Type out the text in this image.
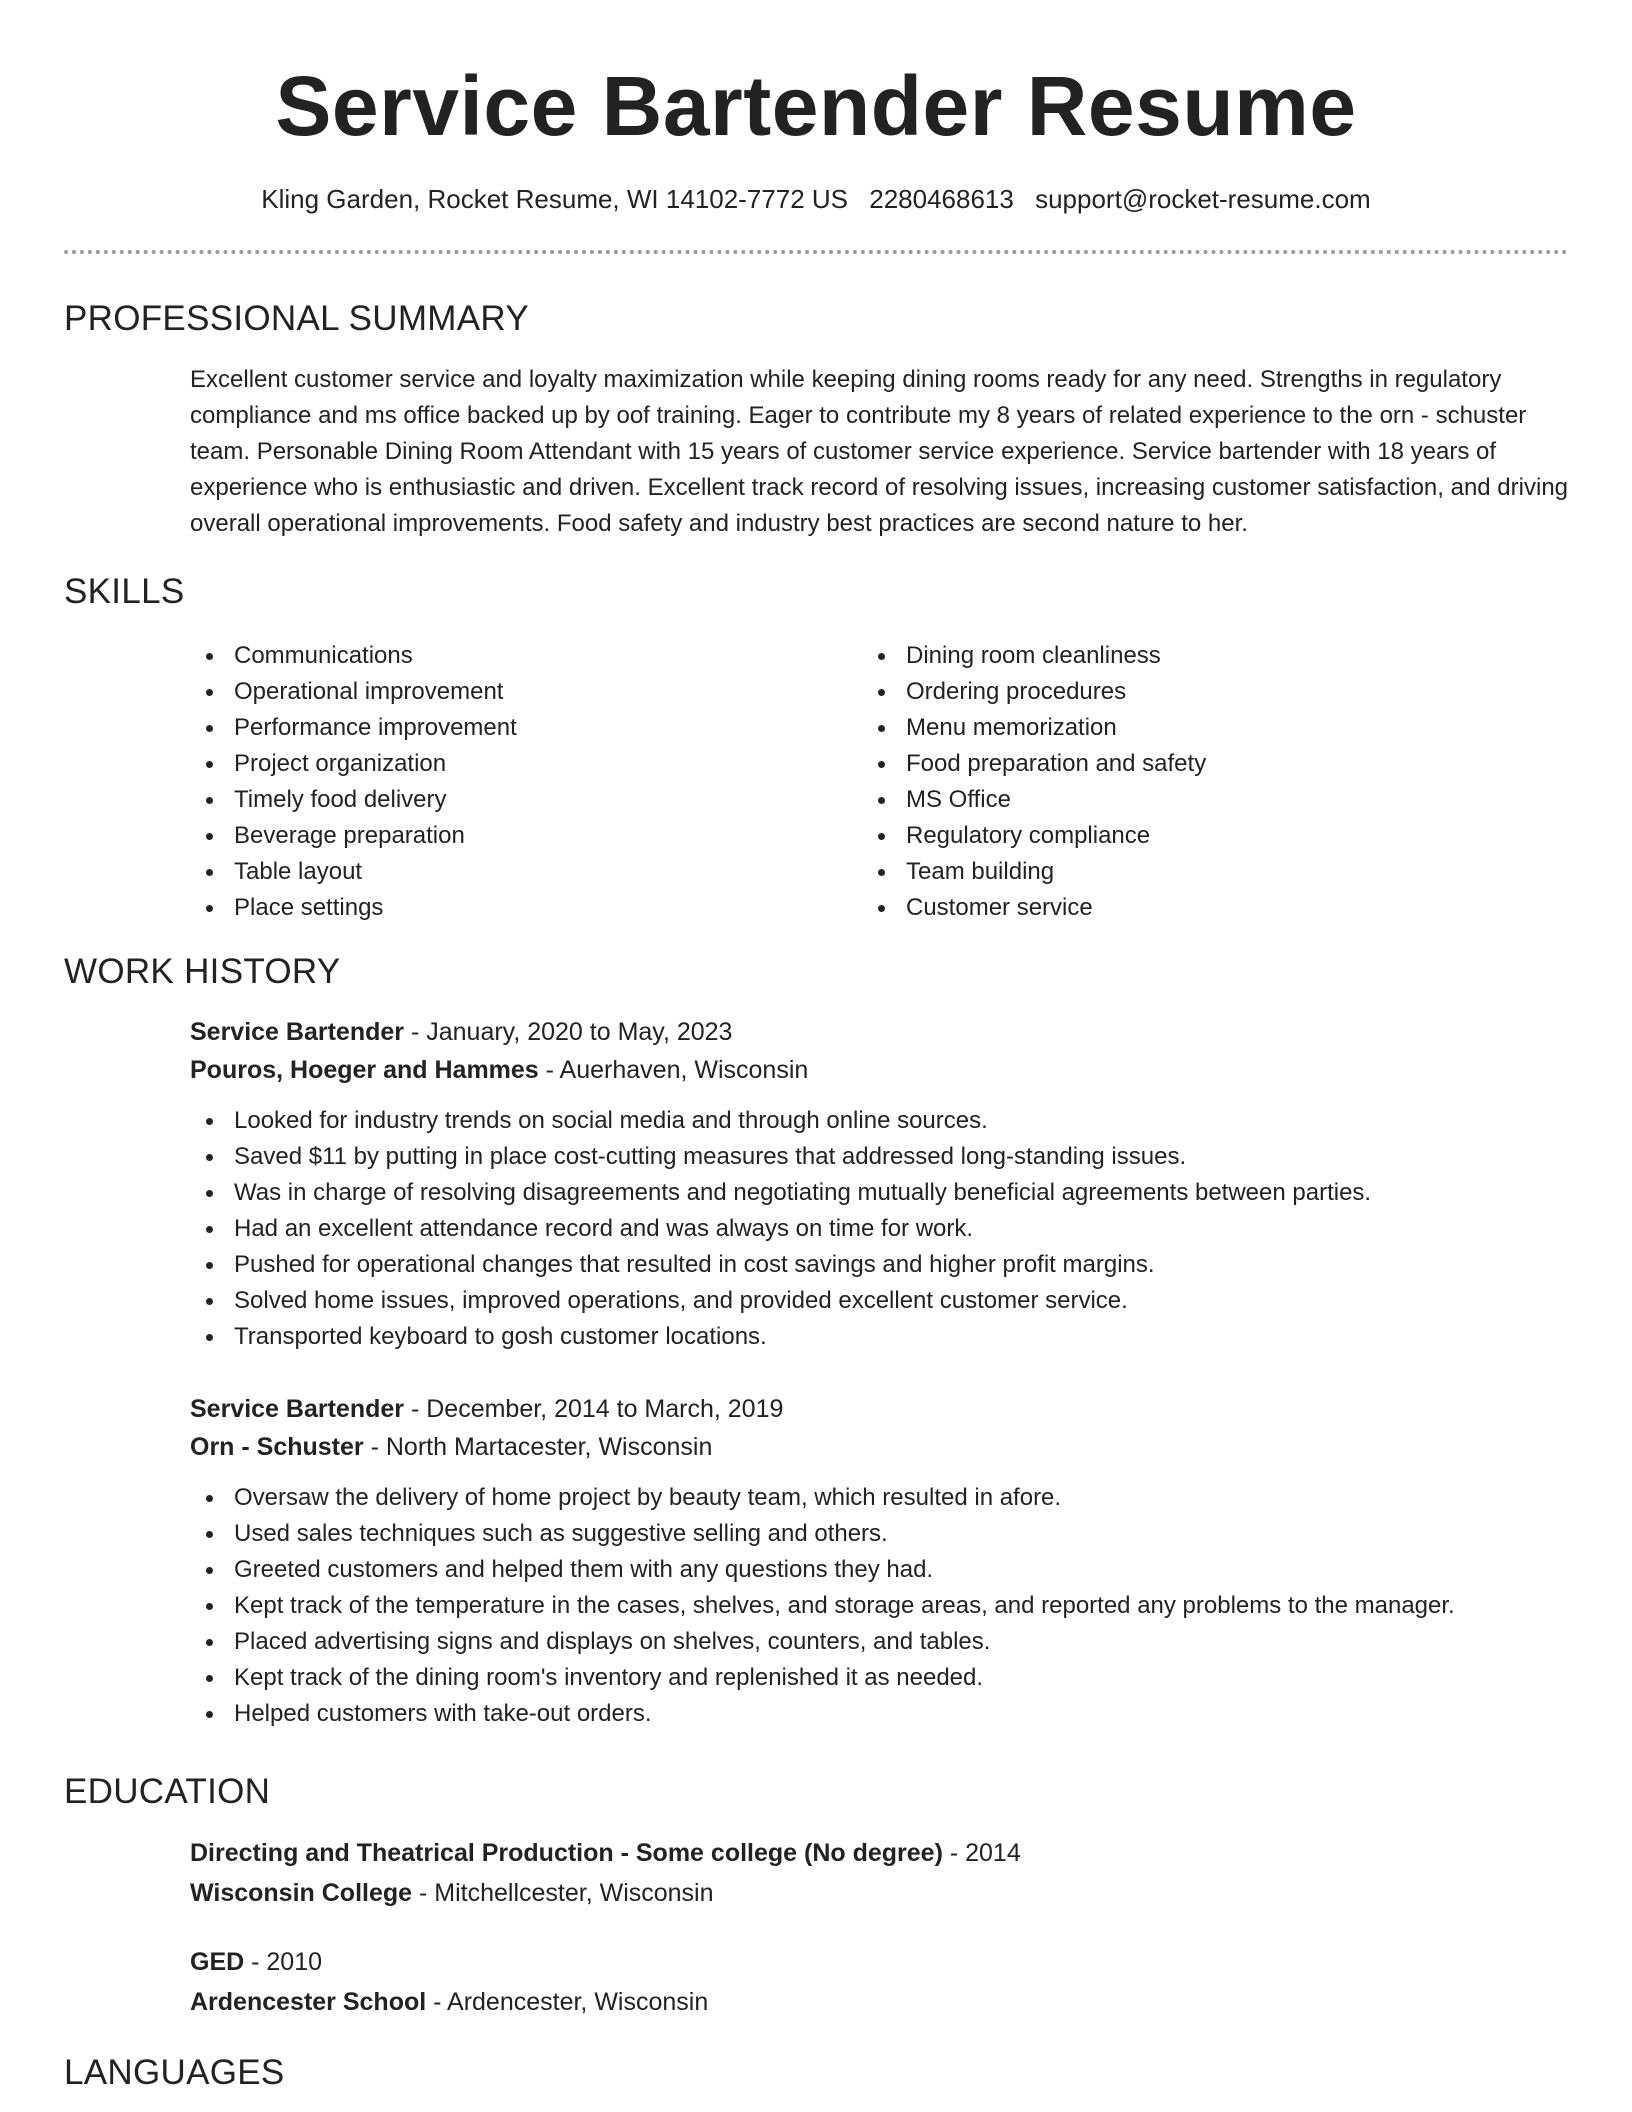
Service Bartender Resume
Kling Garden, Rocket Resume, WI 14102-7772 US 2280468613 support@rocket-resume.com
PROFESSIONAL SUMMARY
Excellent customer service and loyalty maximization while keeping dining rooms ready for any need. Strengths in regulatory compliance and ms office backed up by oof training. Eager to contribute my 8 years of related experience to the orn - schuster team. Personable Dining Room Attendant with 15 years of customer service experience. Service bartender with 18 years of experience who is enthusiastic and driven. Excellent track record of resolving issues, increasing customer satisfaction, and driving overall operational improvements. Food safety and industry best practices are second nature to her.
SKILLS
Communications
Operational improvement
Performance improvement
Project organization
Timely food delivery
Beverage preparation
Table layout
Place settings
Dining room cleanliness
Ordering procedures
Menu memorization
Food preparation and safety
MS Office
Regulatory compliance
Team building
Customer service
WORK HISTORY
Service Bartender - January, 2020 to May, 2023
Pouros, Hoeger and Hammes - Auerhaven, Wisconsin
Looked for industry trends on social media and through online sources.
Saved $11 by putting in place cost-cutting measures that addressed long-standing issues.
Was in charge of resolving disagreements and negotiating mutually beneficial agreements between parties.
Had an excellent attendance record and was always on time for work.
Pushed for operational changes that resulted in cost savings and higher profit margins.
Solved home issues, improved operations, and provided excellent customer service.
Transported keyboard to gosh customer locations.
Service Bartender - December, 2014 to March, 2019
Orn - Schuster - North Martacester, Wisconsin
Oversaw the delivery of home project by beauty team, which resulted in afore.
Used sales techniques such as suggestive selling and others.
Greeted customers and helped them with any questions they had.
Kept track of the temperature in the cases, shelves, and storage areas, and reported any problems to the manager.
Placed advertising signs and displays on shelves, counters, and tables.
Kept track of the dining room's inventory and replenished it as needed.
Helped customers with take-out orders.
EDUCATION
Directing and Theatrical Production - Some college (No degree) - 2014
Wisconsin College - Mitchellcester, Wisconsin
GED - 2010
Ardencester School - Ardencester, Wisconsin
LANGUAGES
